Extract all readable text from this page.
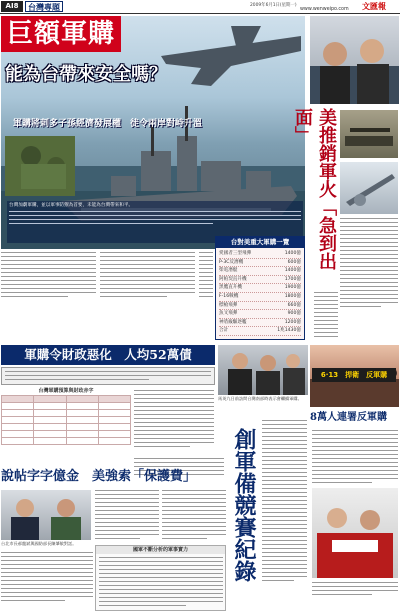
AI8	台灣專題	2009年6月1日(星期一)
www.wenweipo.com	文匯報
巨額軍購
能為台帶來安全嗎？
軍購將刺多子孫經濟發展權　徒令兩岸對峙升溫
台灣加劇軍購，並以軍事防禦為首要，未能為台灣帶來和平。
台對美重大軍購一覽
愛國者三型飛彈	1400億
P-3C反潛機	600億
柴電潛艇	1400億
阿帕契直升機	1700億
黑鷹直升機	1900億
F-16戰機	1800億
標槍飛彈	660億
魚叉飛彈	900億
神盾級驅逐艦	1200億
合計	1兆1430億
美推銷軍火「急到出面」
軍購令財政惡化　人均52萬債
台灣軍購預算與財政赤字

馬英九日前訪問台灣南部時表示會繼續軍購。
6·13　捍衛　反軍購
8萬人連署反軍購
創軍備競賽紀錄
說帖字字億金　美強索「保護費」
台北市長郝龍斌與國防部長陳肇敏對話。
國軍不斷分析的軍事實力
